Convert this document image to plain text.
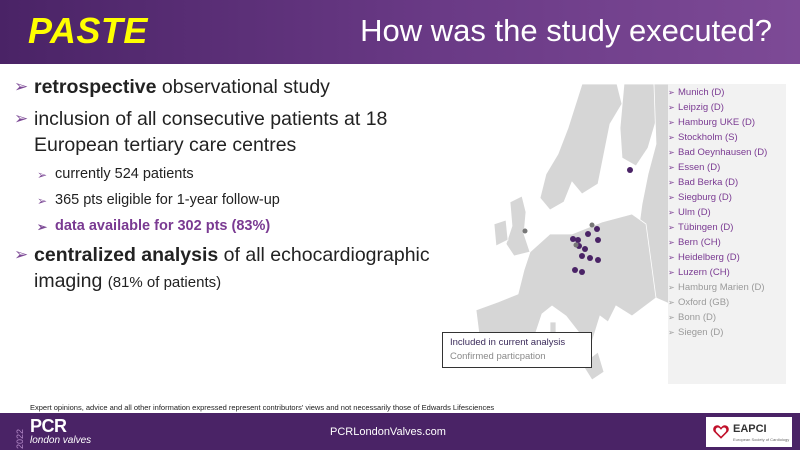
PASTE	How was the study executed?
➢ retrospective observational study
➢ inclusion of all consecutive patients at 18 European tertiary care centres
➢ currently 524 patients
➢ 365 pts eligible for 1-year follow-up
➢ data available for 302 pts (83%)
➢ centralized analysis of all echocardiographic imaging (81% of patients)
➢ Munich (D)
➢ Leipzig (D)
➢ Hamburg UKE (D)
➢ Stockholm (S)
➢ Bad Oeynhausen (D)
➢ Essen (D)
➢ Bad Berka (D)
➢ Siegburg (D)
➢ Ulm (D)
➢ Tübingen (D)
➢ Bern (CH)
➢ Heidelberg (D)
➢ Luzern (CH)
➢ Hamburg Marien (D)
➢ Oxford (GB)
➢ Bonn (D)
➢ Siegen (D)
Included in current analysis
Confirmed particpation
Expert opinions, advice and all other information expressed represent contributors' views and not necessarily those of Edwards Lifesciences
2022
PCR
london valves
PCRLondonValves.com	EAPCI
European Society of Cardiology
